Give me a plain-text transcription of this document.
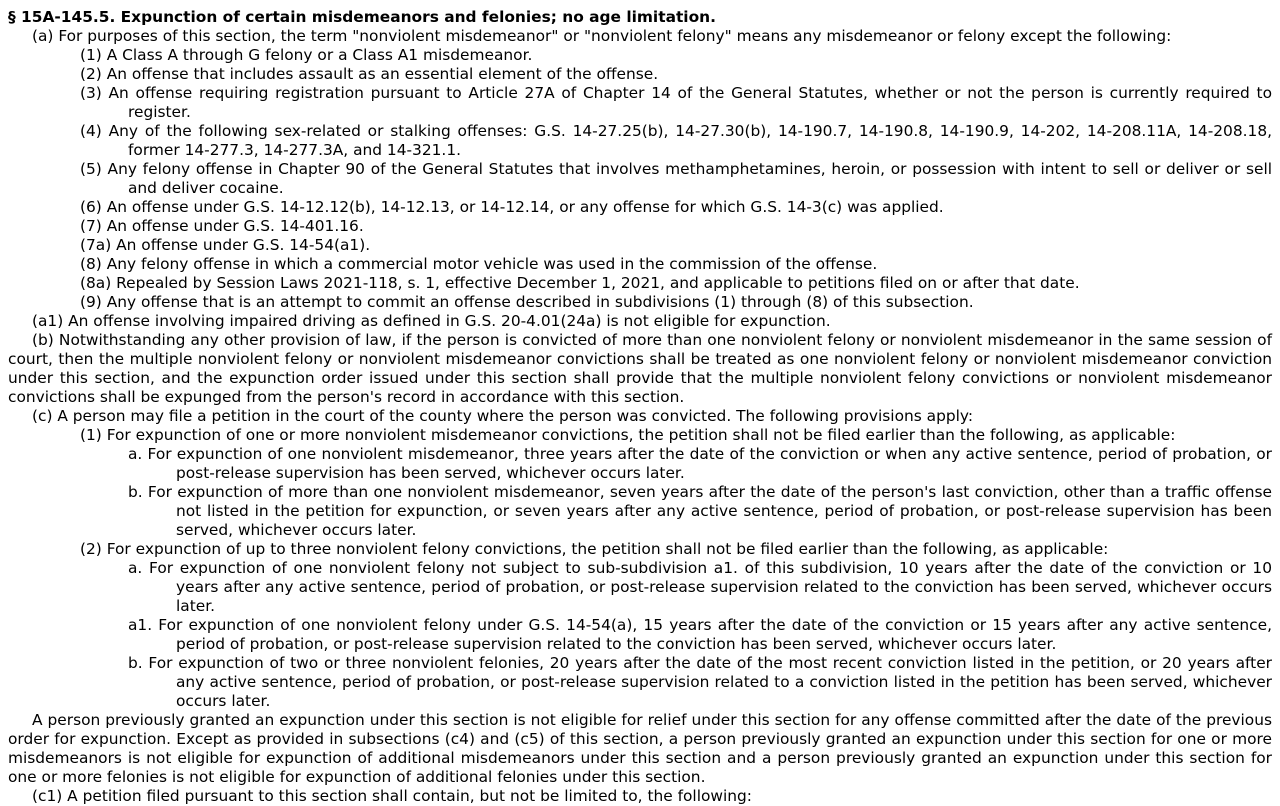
§ 15A-145.5. Expunction of certain misdemeanors and felonies; no age limitation.

(a) For purposes of this section, the term "nonviolent misdemeanor" or "nonviolent felony" means any misdemeanor or felony except the following:

(1) A Class A through G felony or a Class A1 misdemeanor.

(2) An offense that includes assault as an essential element of the offense.

(3) An offense requiring registration pursuant to Article 27A of Chapter 14 of the General Statutes, whether or not the person is currently required to register.

(4) Any of the following sex-related or stalking offenses: G.S. 14-27.25(b), 14-27.30(b), 14-190.7, 14-190.8, 14-190.9, 14-202, 14-208.11A, 14-208.18, former 14-277.3, 14-277.3A, and 14-321.1.

(5) Any felony offense in Chapter 90 of the General Statutes that involves methamphetamines, heroin, or possession with intent to sell or deliver or sell and deliver cocaine.

(6) An offense under G.S. 14-12.12(b), 14-12.13, or 14-12.14, or any offense for which G.S. 14-3(c) was applied.

(7) An offense under G.S. 14-401.16.

(7a) An offense under G.S. 14-54(a1).

(8) Any felony offense in which a commercial motor vehicle was used in the commission of the offense.

(8a) Repealed by Session Laws 2021-118, s. 1, effective December 1, 2021, and applicable to petitions filed on or after that date.

(9) Any offense that is an attempt to commit an offense described in subdivisions (1) through (8) of this subsection.

(a1) An offense involving impaired driving as defined in G.S. 20-4.01(24a) is not eligible for expunction.

(b) Notwithstanding any other provision of law, if the person is convicted of more than one nonviolent felony or nonviolent misdemeanor in the same session of court, then the multiple nonviolent felony or nonviolent misdemeanor convictions shall be treated as one nonviolent felony or nonviolent misdemeanor conviction under this section, and the expunction order issued under this section shall provide that the multiple nonviolent felony convictions or nonviolent misdemeanor convictions shall be expunged from the person's record in accordance with this section.

(c) A person may file a petition in the court of the county where the person was convicted. The following provisions apply:

(1) For expunction of one or more nonviolent misdemeanor convictions, the petition shall not be filed earlier than the following, as applicable:

a. For expunction of one nonviolent misdemeanor, three years after the date of the conviction or when any active sentence, period of probation, or post-release supervision has been served, whichever occurs later.

b. For expunction of more than one nonviolent misdemeanor, seven years after the date of the person's last conviction, other than a traffic offense not listed in the petition for expunction, or seven years after any active sentence, period of probation, or post-release supervision has been served, whichever occurs later.

(2) For expunction of up to three nonviolent felony convictions, the petition shall not be filed earlier than the following, as applicable:

a. For expunction of one nonviolent felony not subject to sub-subdivision a1. of this subdivision, 10 years after the date of the conviction or 10 years after any active sentence, period of probation, or post-release supervision related to the conviction has been served, whichever occurs later.

a1. For expunction of one nonviolent felony under G.S. 14-54(a), 15 years after the date of the conviction or 15 years after any active sentence, period of probation, or post-release supervision related to the conviction has been served, whichever occurs later.

b. For expunction of two or three nonviolent felonies, 20 years after the date of the most recent conviction listed in the petition, or 20 years after any active sentence, period of probation, or post-release supervision related to a conviction listed in the petition has been served, whichever occurs later.

A person previously granted an expunction under this section is not eligible for relief under this section for any offense committed after the date of the previous order for expunction. Except as provided in subsections (c4) and (c5) of this section, a person previously granted an expunction under this section for one or more misdemeanors is not eligible for expunction of additional misdemeanors under this section and a person previously granted an expunction under this section for one or more felonies is not eligible for expunction of additional felonies under this section.

(c1) A petition filed pursuant to this section shall contain, but not be limited to, the following:
